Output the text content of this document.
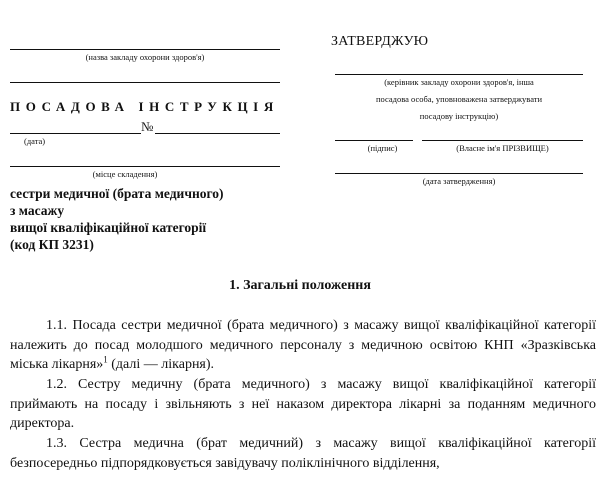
(назва закладу охорони здоров'я)
ПОСАДОВА ІНСТРУКЦІЯ
№
(дата)
(місце складення)
ЗАТВЕРДЖУЮ
(керівник закладу охорони здоров'я, інша
посадова особа, уповноважена затверджувати
посадову інструкцію)
(підпис)	(Власне ім'я ПРІЗВИЩЕ)
(дата затвердження)
сестри медичної (брата медичного)
з масажу
вищої кваліфікаційної категорії
(код КП 3231)
1. Загальні положення
1.1. Посада сестри медичної (брата медичного) з масажу вищої кваліфікаційної категорії належить до посад молодшого медичного персоналу з медичною освітою КНП «Зразківська міська лікарня»$^1$ (далі — лікарня).
1.2. Сестру медичну (брата медичного) з масажу вищої кваліфікаційної категорії приймають на посаду і звільняють з неї наказом директора лікарні за поданням медичного директора.
1.3. Сестра медична (брат медичний) з масажу вищої кваліфікаційної категорії безпосередньо підпорядковується завідувачу поліклінічного відділення,
